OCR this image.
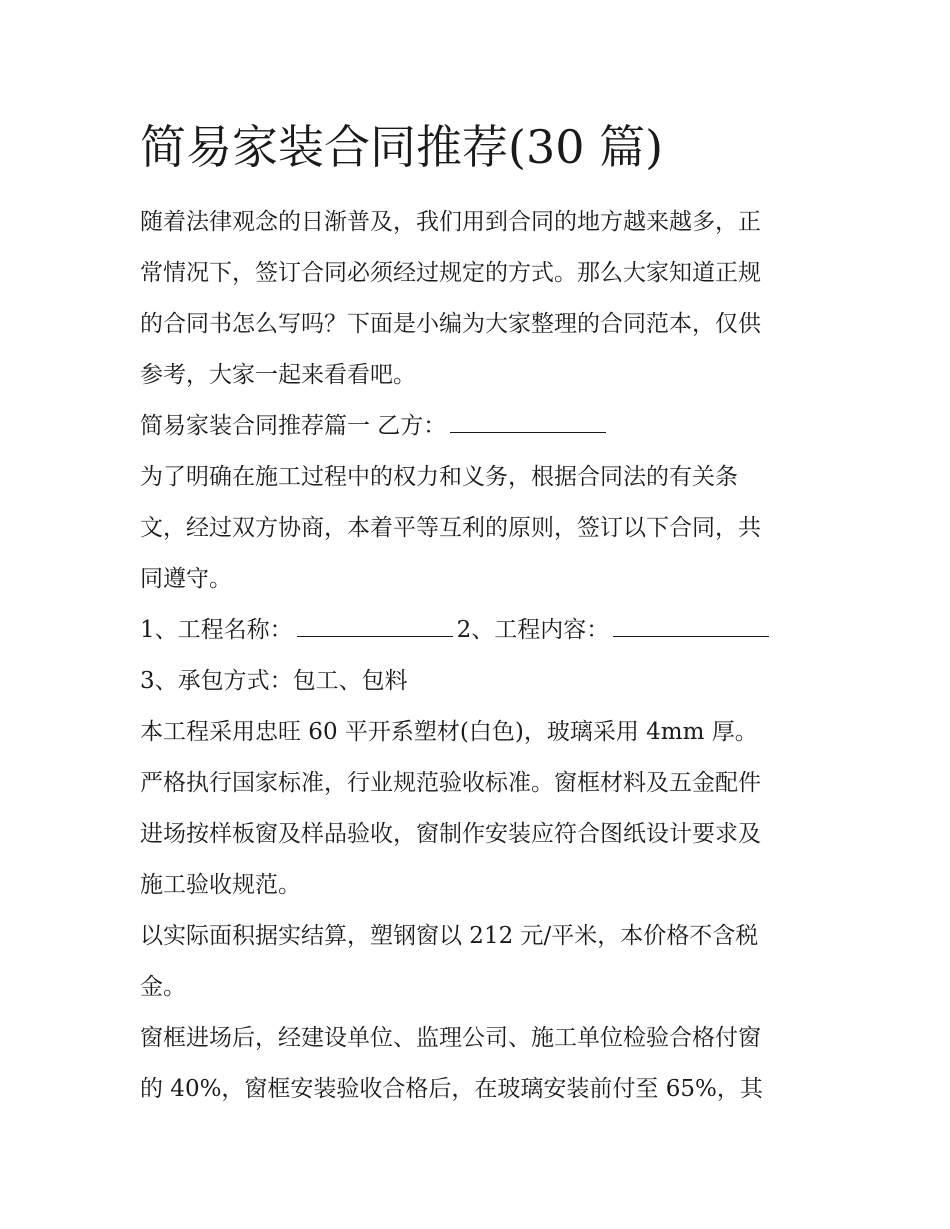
简易家装合同推荐(30 篇)

随着法律观念的日渐普及，我们用到合同的地方越来越多，正

常情况下，签订合同必须经过规定的方式。那么大家知道正规

的合同书怎么写吗？下面是小编为大家整理的合同范本，仅供

参考，大家一起来看看吧。

简易家装合同推荐篇一 乙方：

为了明确在施工过程中的权力和义务，根据合同法的有关条

文，经过双方协商，本着平等互利的原则，签订以下合同，共

同遵守。

1、工程名称：	2、工程内容：

3、承包方式：包工、包料

本工程采用忠旺 60 平开系塑材(白色)，玻璃采用 4mm 厚。

严格执行国家标准，行业规范验收标准。窗框材料及五金配件

进场按样板窗及样品验收，窗制作安装应符合图纸设计要求及

施工验收规范。

以实际面积据实结算，塑钢窗以 212 元/平米，本价格不含税

金。

窗框进场后，经建设单位、监理公司、施工单位检验合格付窗

的 40%，窗框安装验收合格后，在玻璃安装前付至 65%，其
